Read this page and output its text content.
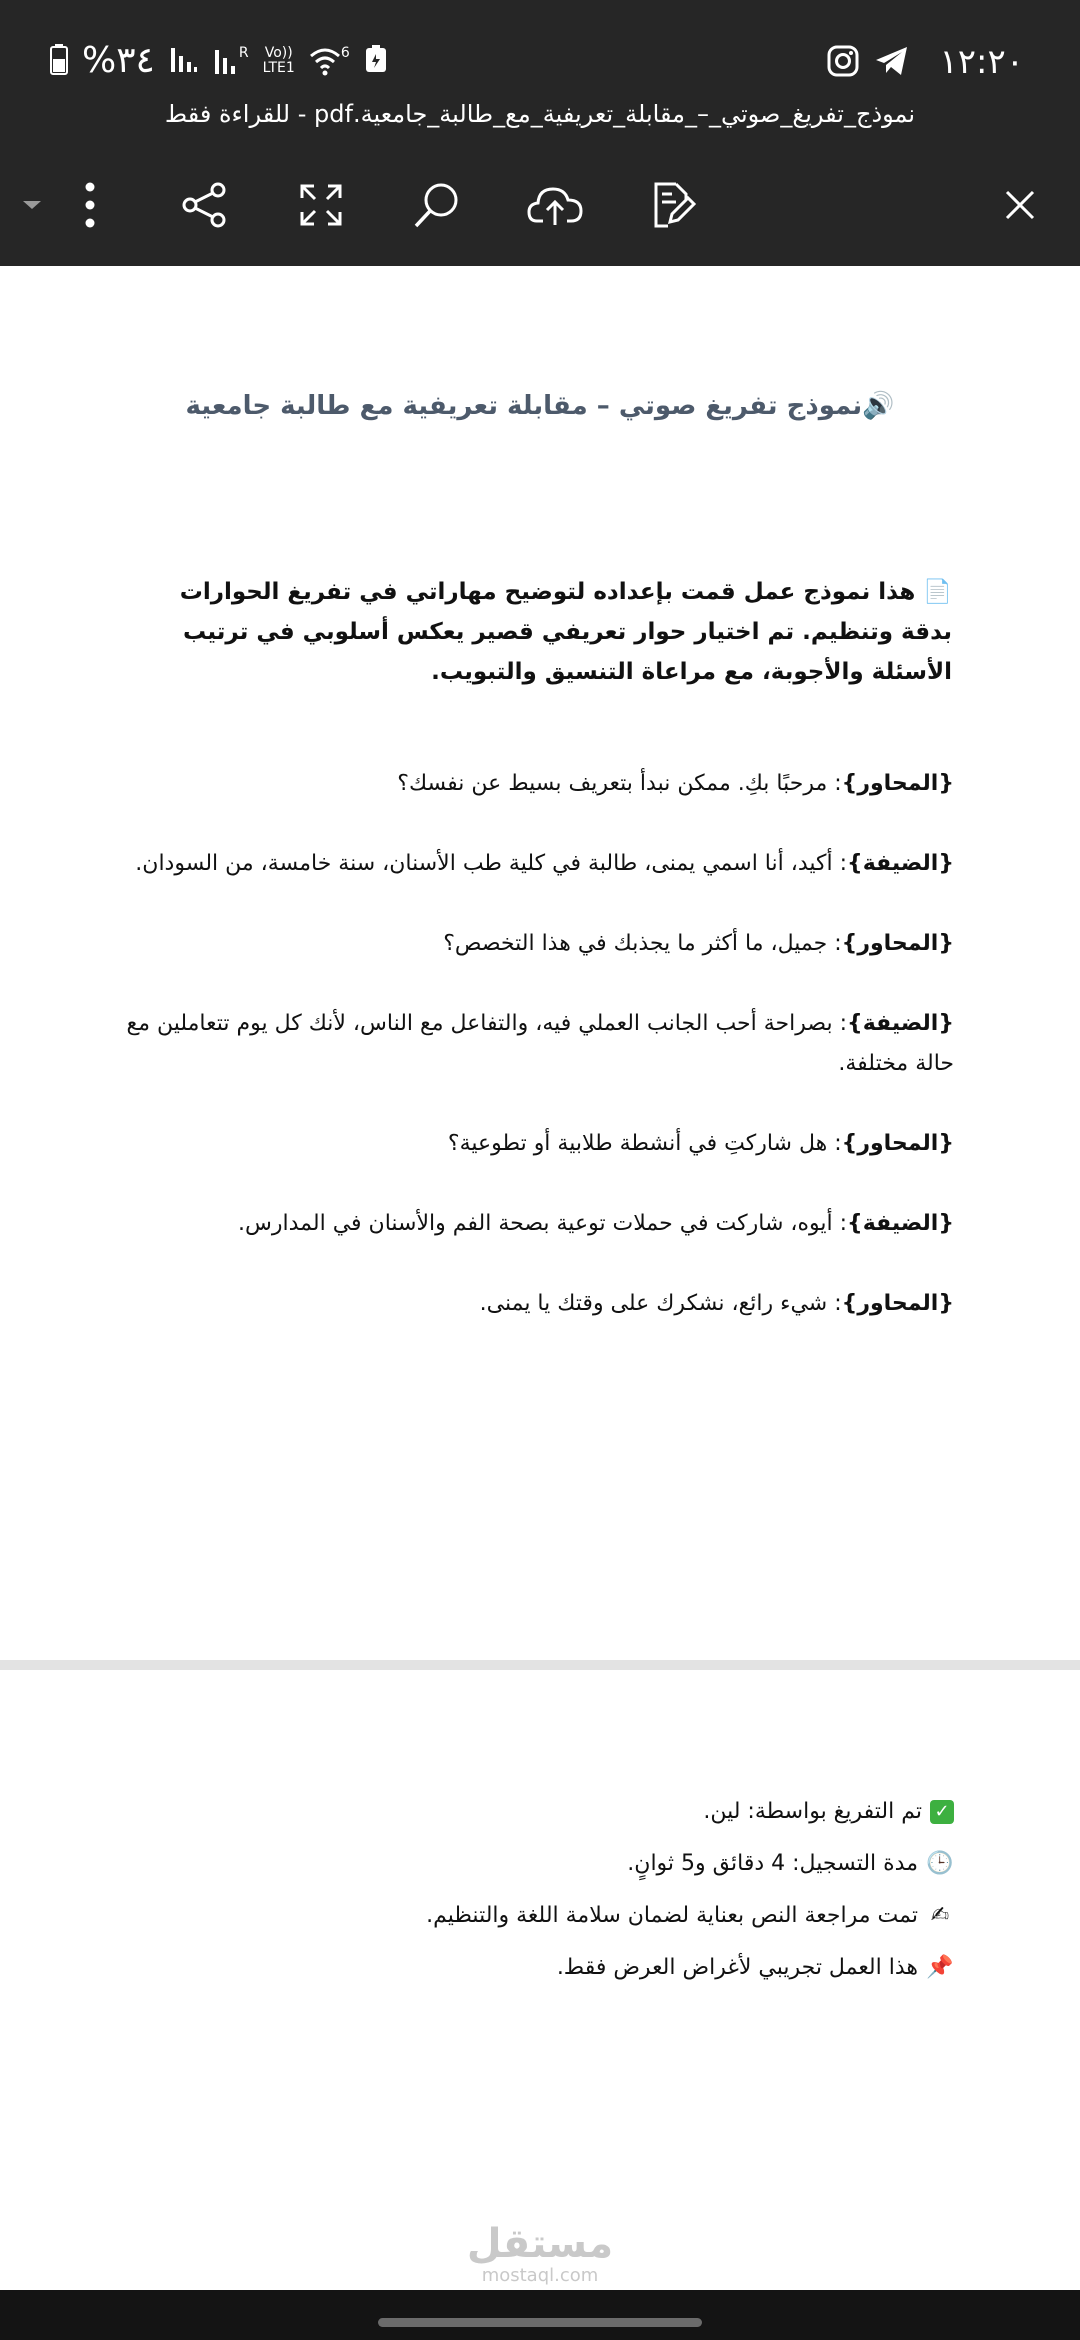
١٢:٢٠
%٣٤	R Vo))
LTE1
6
نموذج_تفريغ_صوتي_–_مقابلة_تعريفية_مع_طالبة_جامعية.pdf - للقراءة فقط
🔊نموذج تفريغ صوتي – مقابلة تعريفية مع طالبة جامعية
📄 هذا نموذج عمل قمت بإعداده لتوضيح مهاراتي في تفريغ الحوارات بدقة وتنظيم. تم اختيار حوار تعريفي قصير يعكس أسلوبي في ترتيب الأسئلة والأجوبة، مع مراعاة التنسيق والتبويب.
{المحاور}: مرحبًا بكِ. ممكن نبدأ بتعريف بسيط عن نفسك؟
{الضيفة}: أكيد، أنا اسمي يمنى، طالبة في كلية طب الأسنان، سنة خامسة، من السودان.
{المحاور}: جميل، ما أكثر ما يجذبك في هذا التخصص؟
{الضيفة}: بصراحة أحب الجانب العملي فيه، والتفاعل مع الناس، لأنك كل يوم تتعاملين مع حالة مختلفة.
{المحاور}: هل شاركتِ في أنشطة طلابية أو تطوعية؟
{الضيفة}: أيوه، شاركت في حملات توعية بصحة الفم والأسنان في المدارس.
{المحاور}: شيء رائع، نشكرك على وقتك يا يمنى.
✓
تم التفريغ بواسطة: لين.
🕒
مدة التسجيل: 4 دقائق و5 ثوانٍ.
✍
تمت مراجعة النص بعناية لضمان سلامة اللغة والتنظيم.
📌
هذا العمل تجريبي لأغراض العرض فقط.
مستقل
mostaql.com
